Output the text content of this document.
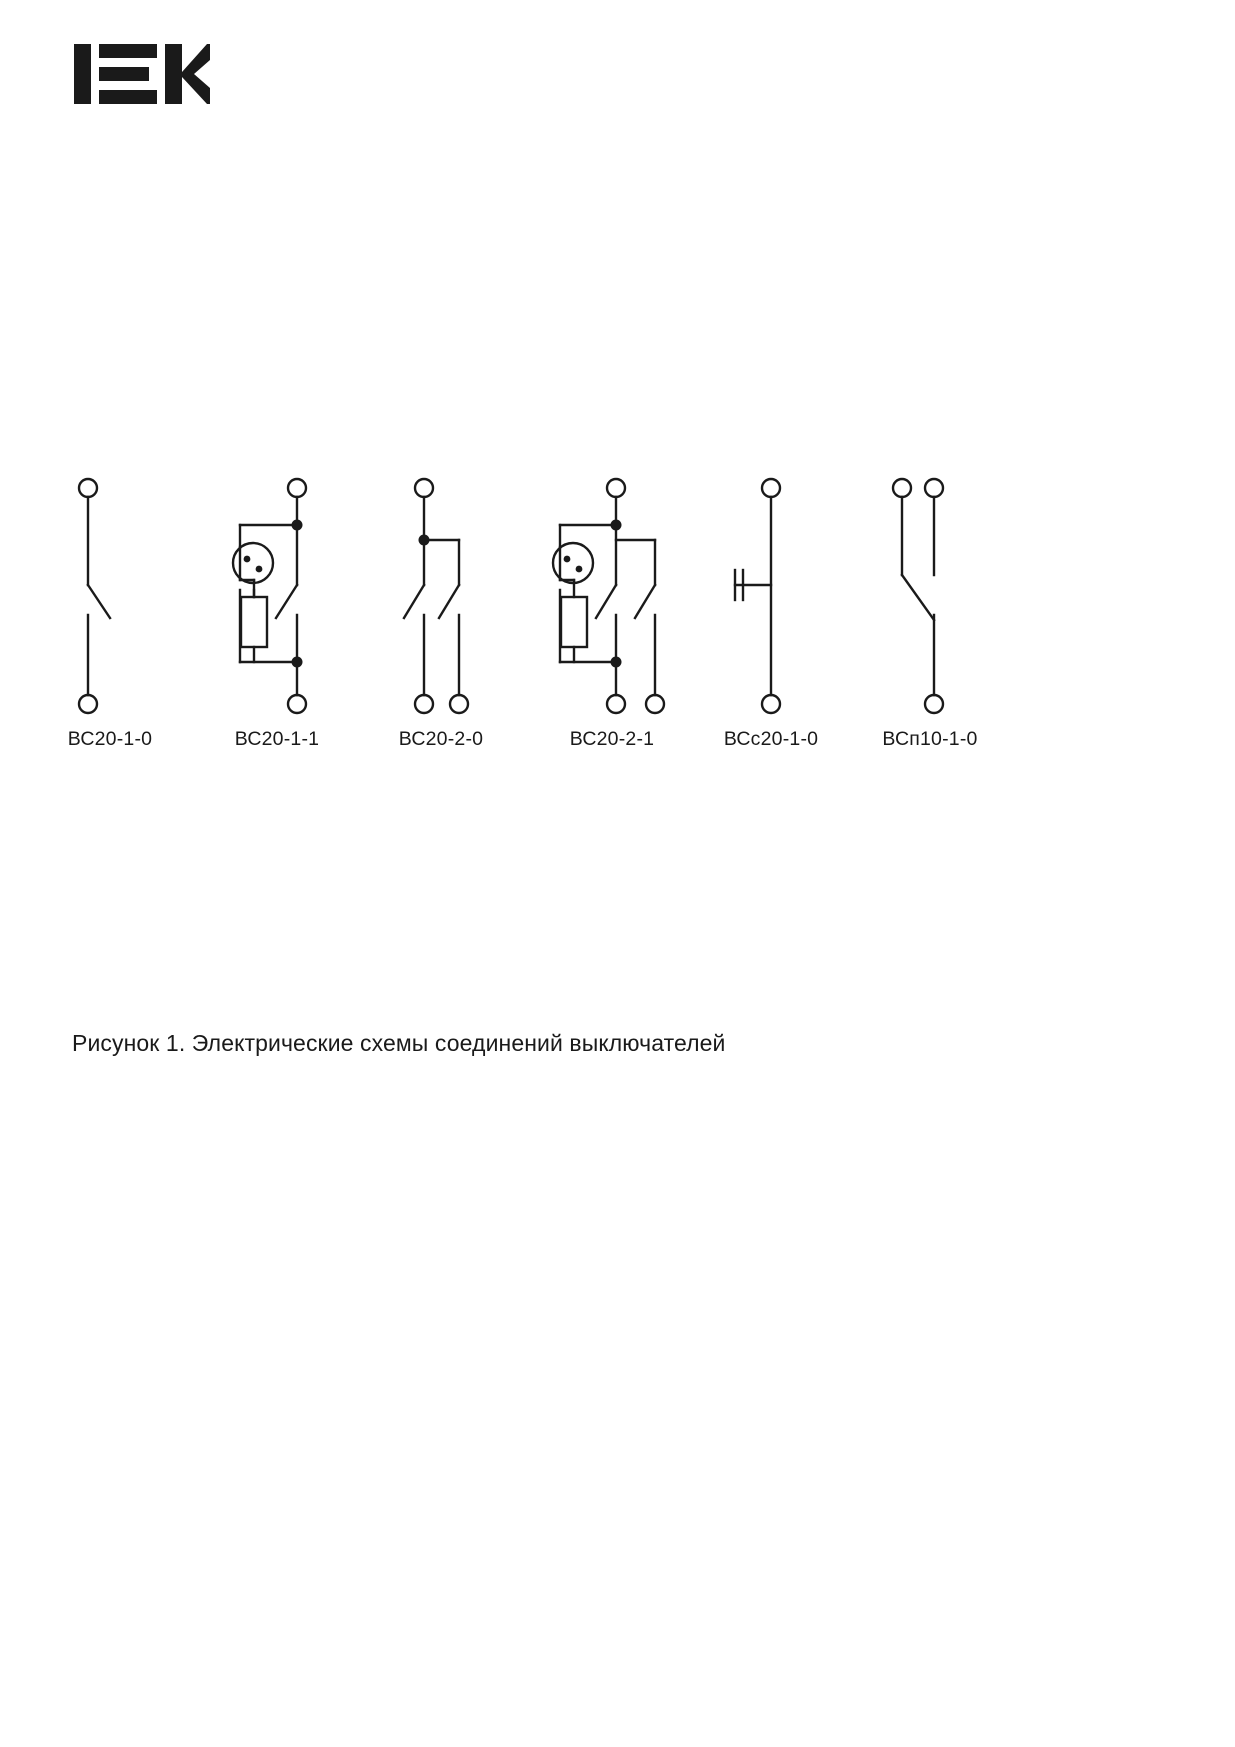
ВС20-1-0	ВС20-1-1	ВС20-2-0	ВС20-2-1	ВСс20-1-0	ВСп10-1-0
Рисунок 1. Электрические схемы соединений выключателей
